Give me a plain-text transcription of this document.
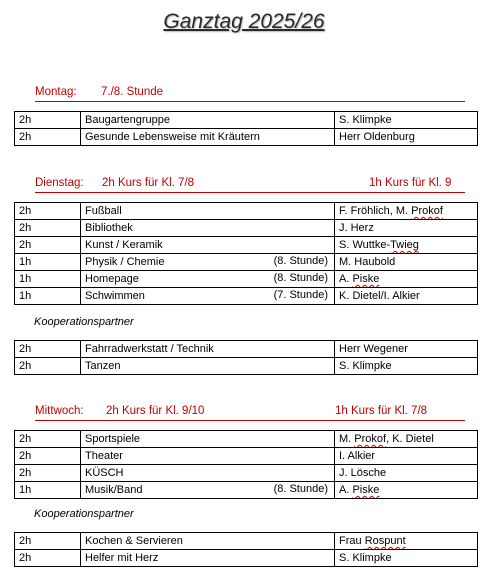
Ganztag 2025/26
Montag: 7./8. Stunde
2h	Baugartengruppe	S. Klimpke
2h	Gesunde Lebensweise mit Kräutern	Herr Oldenburg
Dienstag: 2h Kurs für Kl. 7/8	1h Kurs für Kl. 9
2h	Fußball	F. Fröhlich, M. Prokof
2h	Bibliothek	J. Herz
2h	Kunst / Keramik	S. Wuttke-Twieg
1h	Physik / Chemie (8. Stunde)	M. Haubold
1h	Homepage (8. Stunde)	A. Piske
1h	Schwimmen (7. Stunde)	K. Dietel/I. Alkier
Kooperationspartner
2h	Fahrradwerkstatt / Technik	Herr Wegener
2h	Tanzen	S. Klimpke
Mittwoch: 2h Kurs für Kl. 9/10	1h Kurs für Kl. 7/8
2h	Sportspiele	M. Prokof, K. Dietel
2h	Theater	I. Alkier
2h	KÜSCH	J. Lösche
1h	Musik/Band (8. Stunde)	A. Piske
Kooperationspartner
2h	Kochen & Servieren	Frau Rospunt
2h	Helfer mit Herz	S. Klimpke
